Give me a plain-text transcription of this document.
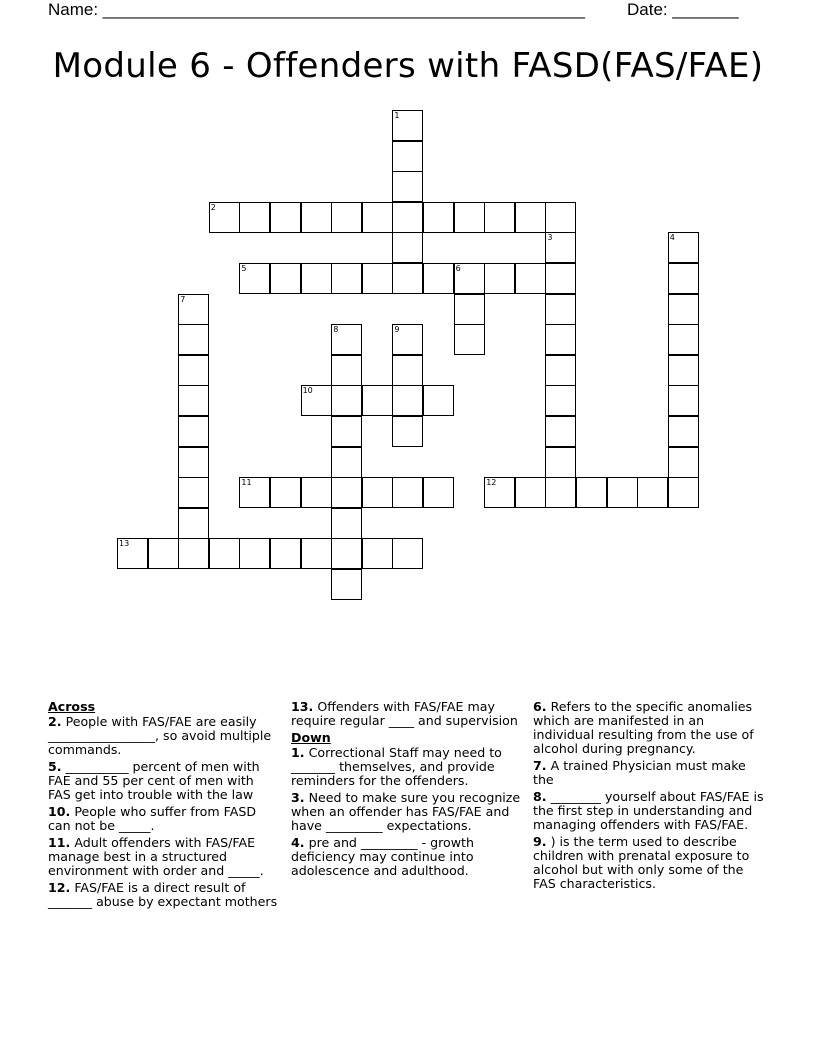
Name: ___________________________________________________ Date: _______
Module 6 - Offenders with FASD(FAS/FAE)
2
5	6
10
11	12
13
1
3	4
7
8	9
Across
2. People with FAS/FAE are easily _________________, so avoid multiple commands.
5. __________ percent of men with FAE and 55 per cent of men with FAS get into trouble with the law
10. People who suffer from FASD can not be _____.
11. Adult offenders with FAS/FAE manage best in a structured environment with order and _____.
12. FAS/FAE is a direct result of _______ abuse by expectant mothers
13. Offenders with FAS/FAE may require regular ____ and supervision
Down
1. Correctional Staff may need to _______ themselves, and provide reminders for the offenders.
3. Need to make sure you recognize when an offender has FAS/FAE and have _________ expectations.
4. pre and _________ - growth deficiency may continue into adolescence and adulthood.
6. Refers to the specific anomalies which are manifested in an individual resulting from the use of alcohol during pregnancy.
7. A trained Physician must make the
8. ________ yourself about FAS/FAE is the first step in understanding and managing offenders with FAS/FAE.
9. ) is the term used to describe children with prenatal exposure to alcohol but with only some of the FAS characteristics.
